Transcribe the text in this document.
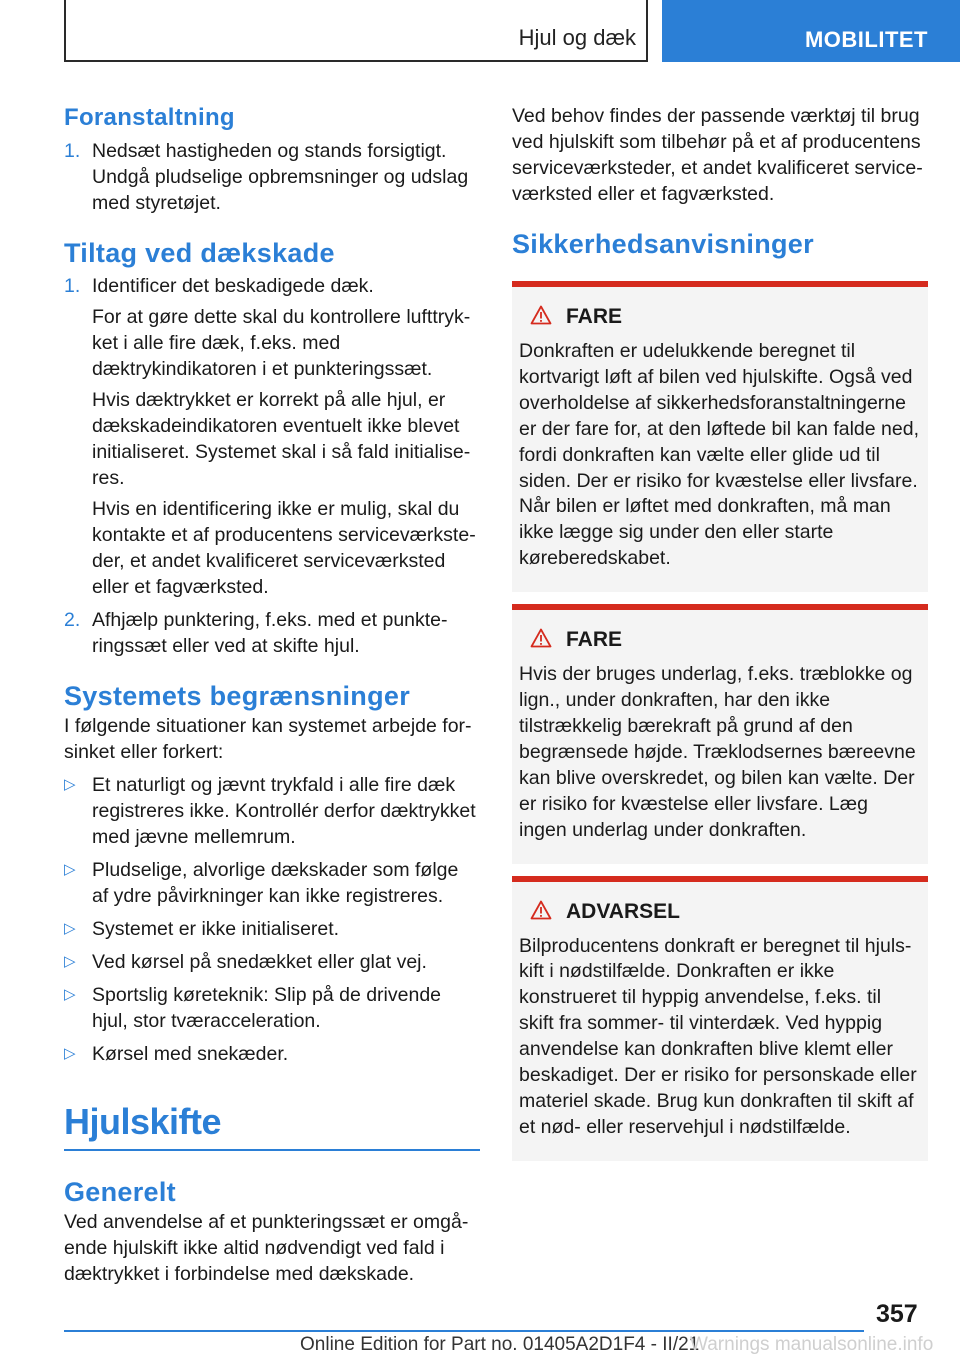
Hjul og dæk	MOBILITET
Foranstaltning
1. Nedsæt hastigheden og stands forsigtigt. Undgå pludselige opbremsninger og udslag med styretøjet.
Tiltag ved dækskade
1. Identificer det beskadigede dæk.
For at gøre dette skal du kontrollere lufttrykket i alle fire dæk, f.eks. med dæktrykindikatoren i et punkteringssæt.
Hvis dæktrykket er korrekt på alle hjul, er dækskadeindikatoren eventuelt ikke blevet initialiseret. Systemet skal i så fald initialiseres.
Hvis en identificering ikke er mulig, skal du kontakte et af producentens serviceværksteder, et andet kvalificeret serviceværksted eller et fagværksted.
2. Afhjælp punktering, f.eks. med et punkteringssæt eller ved at skifte hjul.
Systemets begrænsninger

I følgende situationer kan systemet arbejde forsinket eller forkert:

▷ Et naturligt og jævnt trykfald i alle fire dæk registreres ikke. Kontrollér derfor dæktrykket med jævne mellemrum.
▷ Pludselige, alvorlige dækskader som følge af ydre påvirkninger kan ikke registreres.
▷ Systemet er ikke initialiseret.
▷ Ved kørsel på snedækket eller glat vej.
▷ Sportslig køreteknik: Slip på de drivende hjul, stor tværacceleration.
▷ Kørsel med snekæder.
Hjulskifte
Generelt

Ved anvendelse af et punkteringssæt er omgående hjulskift ikke altid nødvendigt ved fald i dæktrykket i forbindelse med dækskade.

Ved behov findes der passende værktøj til brug ved hjulskift som tilbehør på et af producentens serviceværksteder, et andet kvalificeret serviceværksted eller et fagværksted.

Sikkerhedsanvisninger
FARE

Donkraften er udelukkende beregnet til kortvarigt løft af bilen ved hjulskifte. Også ved overholdelse af sikkerhedsforanstaltningerne er der fare for, at den løftede bil kan falde ned, fordi donkraften kan vælte eller glide ud til siden. Der er risiko for kvæstelse eller livsfare. Når bilen er løftet med donkraften, må man ikke lægge sig under den eller starte køreberedskabet.

FARE

Hvis der bruges underlag, f.eks. træblokke og lign., under donkraften, har den ikke tilstrækkelig bærekraft på grund af den begrænsede højde. Træklodsernes bæreevne kan blive overskredet, og bilen kan vælte. Der er risiko for kvæstelse eller livsfare. Læg ingen underlag under donkraften.

ADVARSEL

Bilproducentens donkraft er beregnet til hjulskift i nødstilfælde. Donkraften er ikke konstrueret til hyppig anvendelse, f.eks. til skift fra sommer- til vinterdæk. Ved hyppig anvendelse kan donkraften blive klemt eller beskadiget. Der er risiko for personskade eller materiel skade. Brug kun donkraften til skift af et nød- eller reservehjul i nødstilfælde.

357
Online Edition for Part no. 01405A2D1F4 - II/21
Warnings manualsonline.info
